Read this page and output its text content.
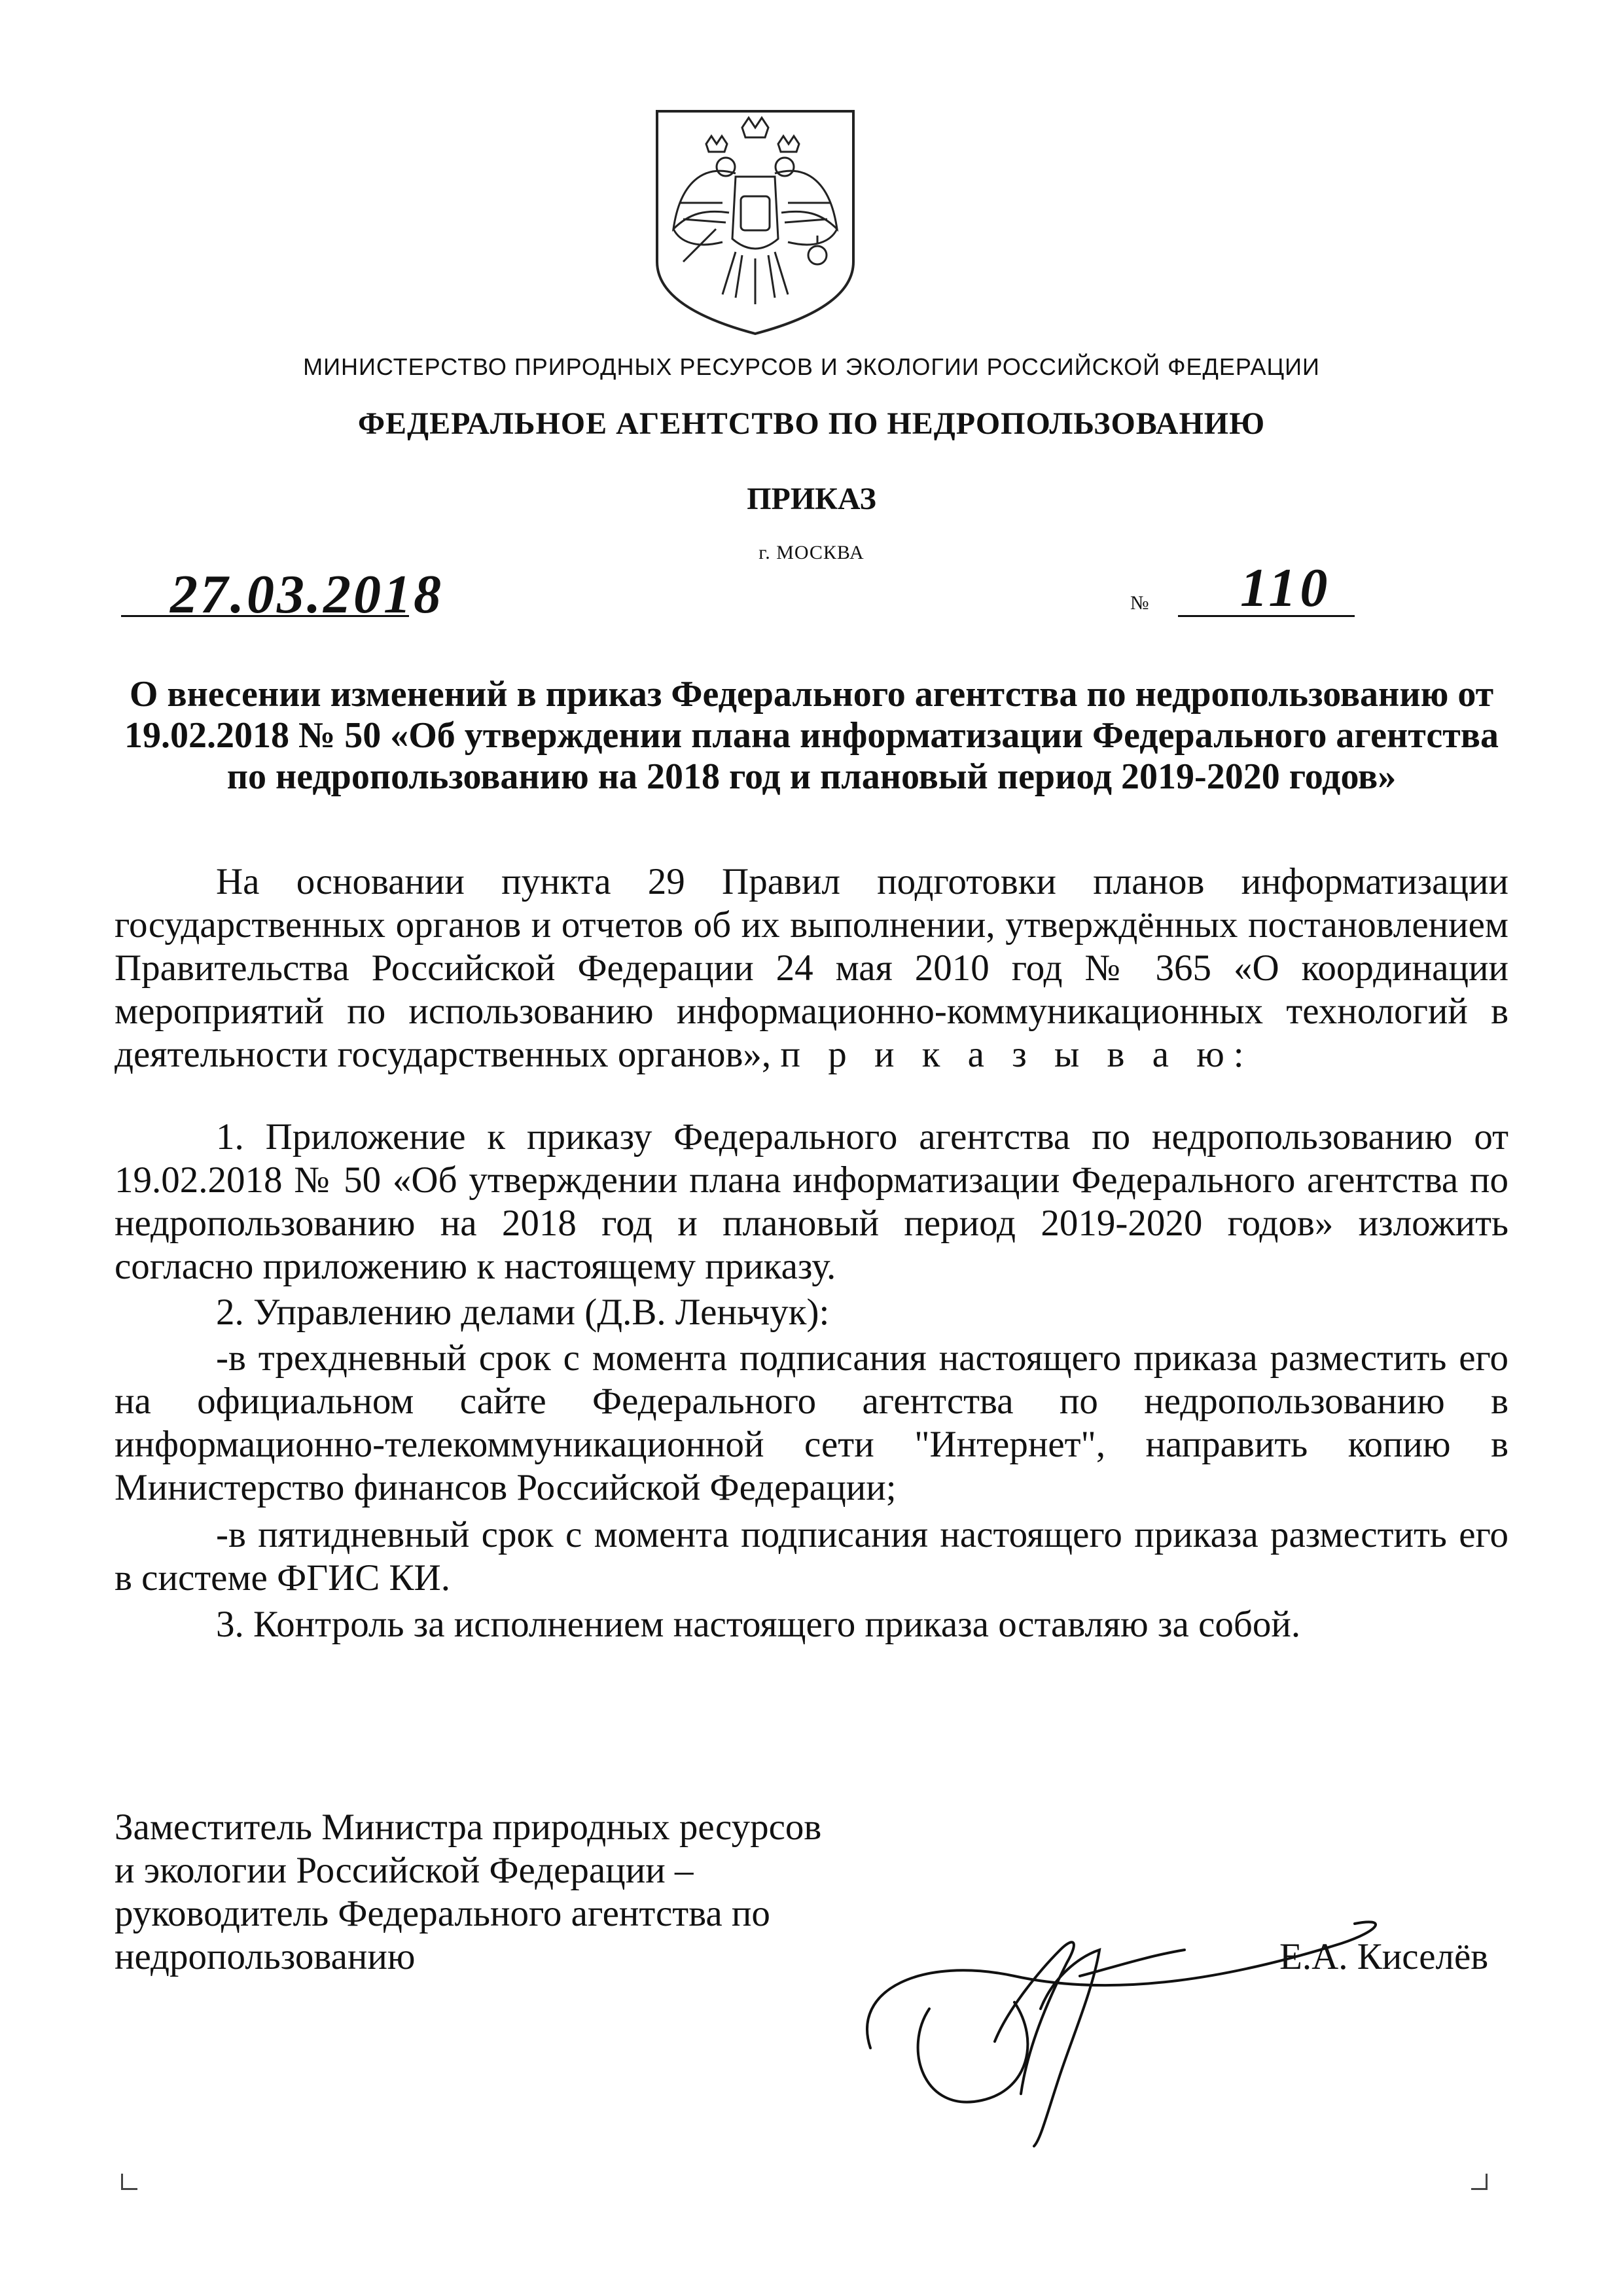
МИНИСТЕРСТВО ПРИРОДНЫХ РЕСУРСОВ И ЭКОЛОГИИ РОССИЙСКОЙ ФЕДЕРАЦИИ
ФЕДЕРАЛЬНОЕ АГЕНТСТВО ПО НЕДРОПОЛЬЗОВАНИЮ
ПРИКАЗ
г. МОСКВА
27.03.2018	№ 110
О внесении изменений в приказ Федерального агентства по недропользованию от 19.02.2018 № 50 «Об утверждении плана информатизации Федерального агентства по недропользованию на 2018 год и плановый период 2019-2020 годов»
На основании пункта 29 Правил подготовки планов информатизации государственных органов и отчетов об их выполнении, утверждённых постановлением Правительства Российской Федерации 24 мая 2010 год № 365 «О координации мероприятий по использованию информационно-коммуникационных технологий в деятельности государственных органов», п р и к а з ы в а ю:
1. Приложение к приказу Федерального агентства по недропользованию от 19.02.2018 № 50 «Об утверждении плана информатизации Федерального агентства по недропользованию на 2018 год и плановый период 2019-2020 годов» изложить согласно приложению к настоящему приказу.
2. Управлению делами (Д.В. Леньчук):
-в трехдневный срок с момента подписания настоящего приказа разместить его на официальном сайте Федерального агентства по недропользованию в информационно-телекоммуникационной сети "Интернет", направить копию в Министерство финансов Российской Федерации;
-в пятидневный срок с момента подписания настоящего приказа разместить его в системе ФГИС КИ.
3. Контроль за исполнением настоящего приказа оставляю за собой.
Заместитель Министра природных ресурсов
и экологии Российской Федерации –
руководитель Федерального агентства по
недропользованию	Е.А. Киселёв
